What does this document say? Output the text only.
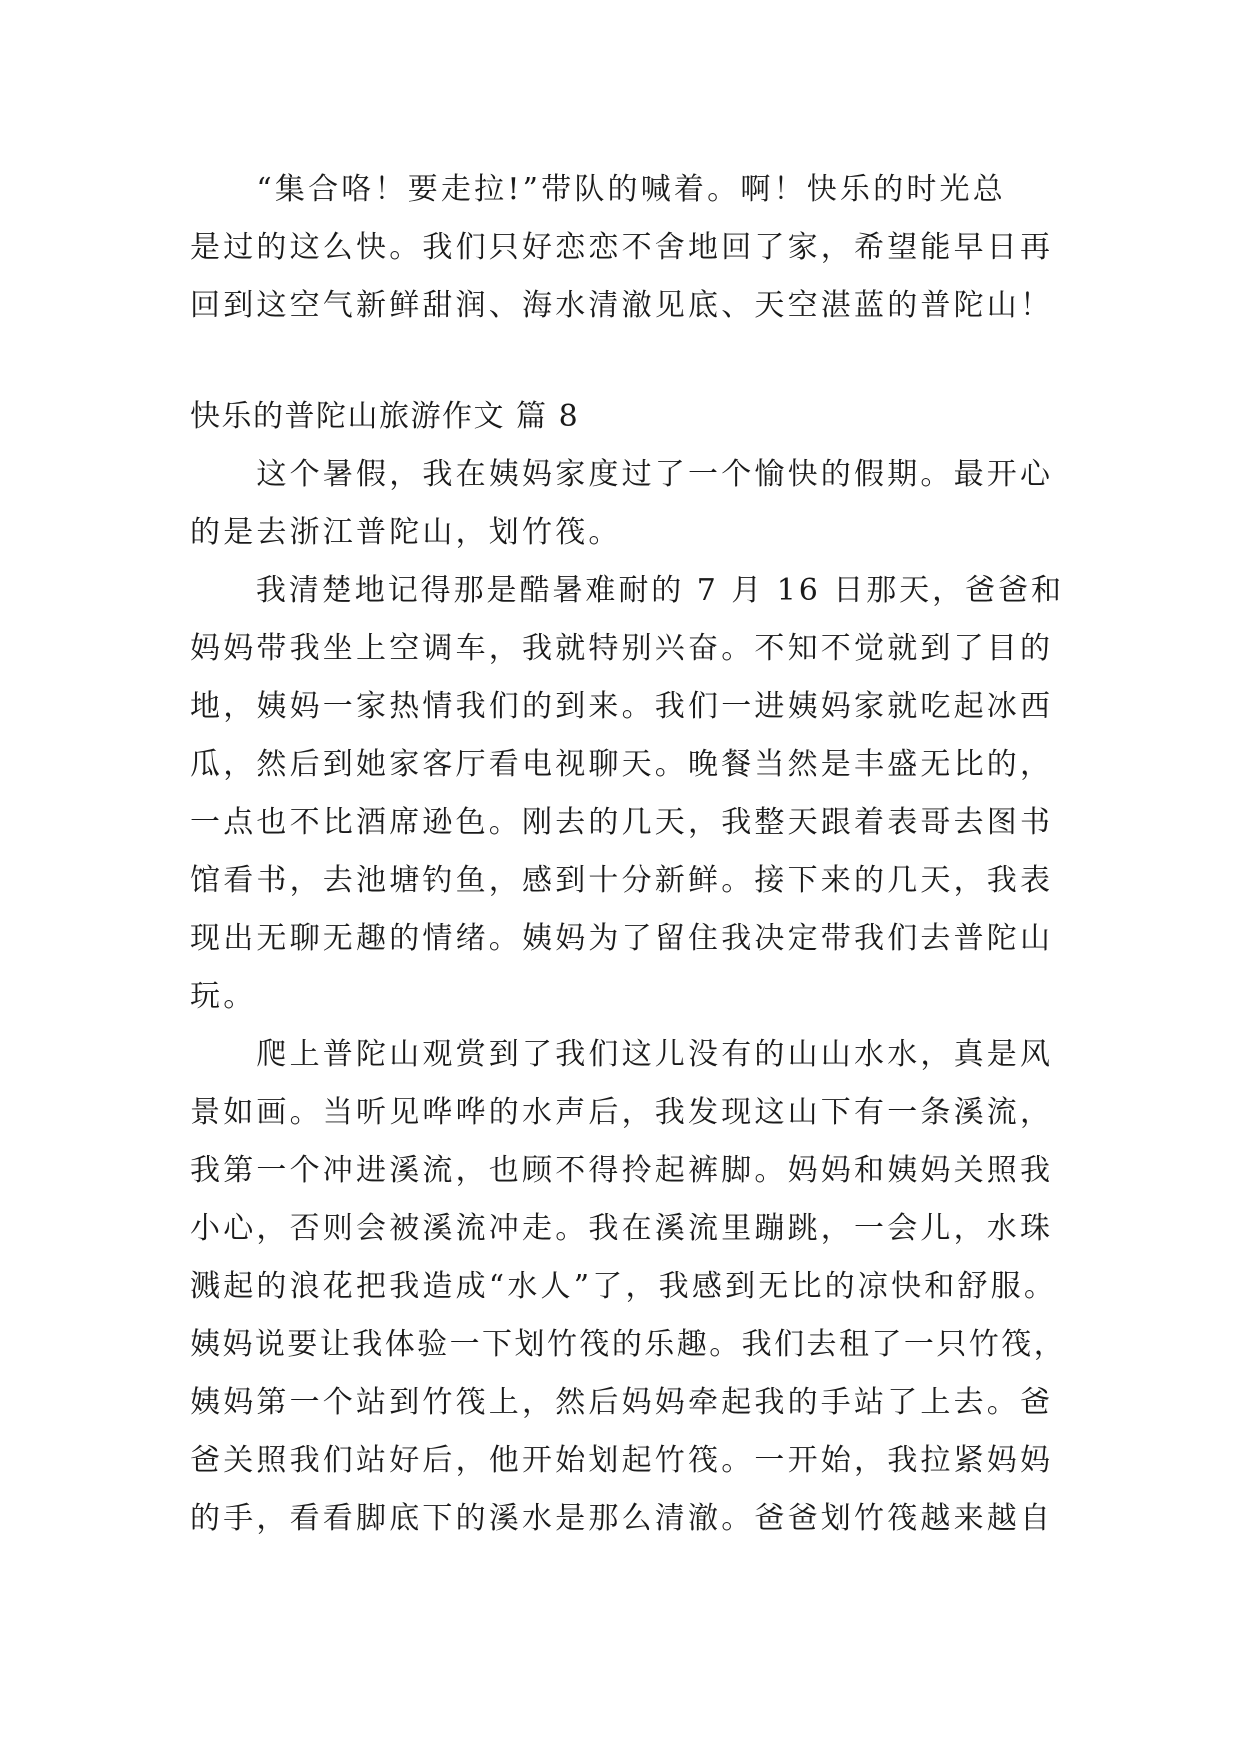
　　“集合咯！要走拉!”带队的喊着。啊！快乐的时光总
是过的这么快。我们只好恋恋不舍地回了家，希望能早日再
回到这空气新鲜甜润、海水清澈见底、天空湛蓝的普陀山！
快乐的普陀山旅游作文 篇 8
　　这个暑假，我在姨妈家度过了一个愉快的假期。最开心
的是去浙江普陀山，划竹筏。
　　我清楚地记得那是酷暑难耐的 7 月 16 日那天，爸爸和
妈妈带我坐上空调车，我就特别兴奋。不知不觉就到了目的
地，姨妈一家热情我们的到来。我们一进姨妈家就吃起冰西
瓜，然后到她家客厅看电视聊天。晚餐当然是丰盛无比的，
一点也不比酒席逊色。刚去的几天，我整天跟着表哥去图书
馆看书，去池塘钓鱼，感到十分新鲜。接下来的几天，我表
现出无聊无趣的情绪。姨妈为了留住我决定带我们去普陀山
玩。
　　爬上普陀山观赏到了我们这儿没有的山山水水，真是风
景如画。当听见哗哗的水声后，我发现这山下有一条溪流，
我第一个冲进溪流，也顾不得拎起裤脚。妈妈和姨妈关照我
小心，否则会被溪流冲走。我在溪流里蹦跳，一会儿，水珠
溅起的浪花把我造成“水人”了，我感到无比的凉快和舒服。
姨妈说要让我体验一下划竹筏的乐趣。我们去租了一只竹筏，
姨妈第一个站到竹筏上，然后妈妈牵起我的手站了上去。爸
爸关照我们站好后，他开始划起竹筏。一开始，我拉紧妈妈
的手，看看脚底下的溪水是那么清澈。爸爸划竹筏越来越自
